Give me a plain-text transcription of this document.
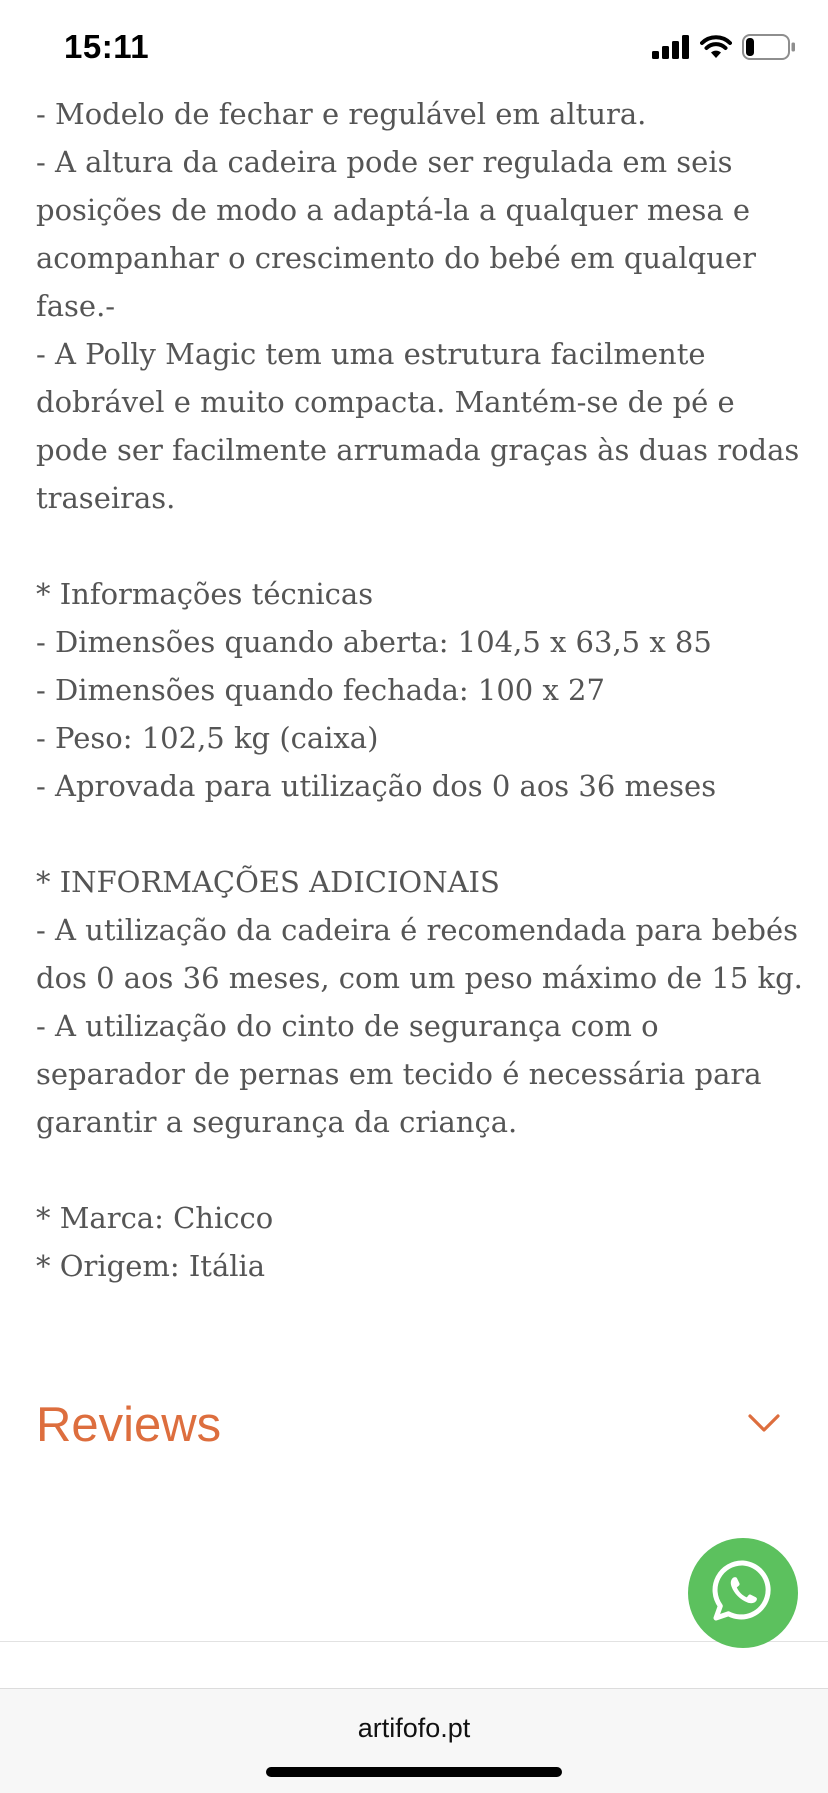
15:11

- Modelo de fechar e regulável em altura.

- A altura da cadeira pode ser regulada em seis

posições de modo a adaptá-la a qualquer mesa e

acompanhar o crescimento do bebé em qualquer

fase.-

- A Polly Magic tem uma estrutura facilmente

dobrável e muito compacta. Mantém-se de pé e

pode ser facilmente arrumada graças às duas rodas

traseiras.

* Informações técnicas

- Dimensões quando aberta: 104,5 x 63,5 x 85

- Dimensões quando fechada: 100 x 27

- Peso: 102,5 kg (caixa)

- Aprovada para utilização dos 0 aos 36 meses

* INFORMAÇÕES ADICIONAIS

- A utilização da cadeira é recomendada para bebés

dos 0 aos 36 meses, com um peso máximo de 15 kg.

- A utilização do cinto de segurança com o

separador de pernas em tecido é necessária para

garantir a segurança da criança.

* Marca: Chicco

* Origem: Itália

Reviews
artifofo.pt
